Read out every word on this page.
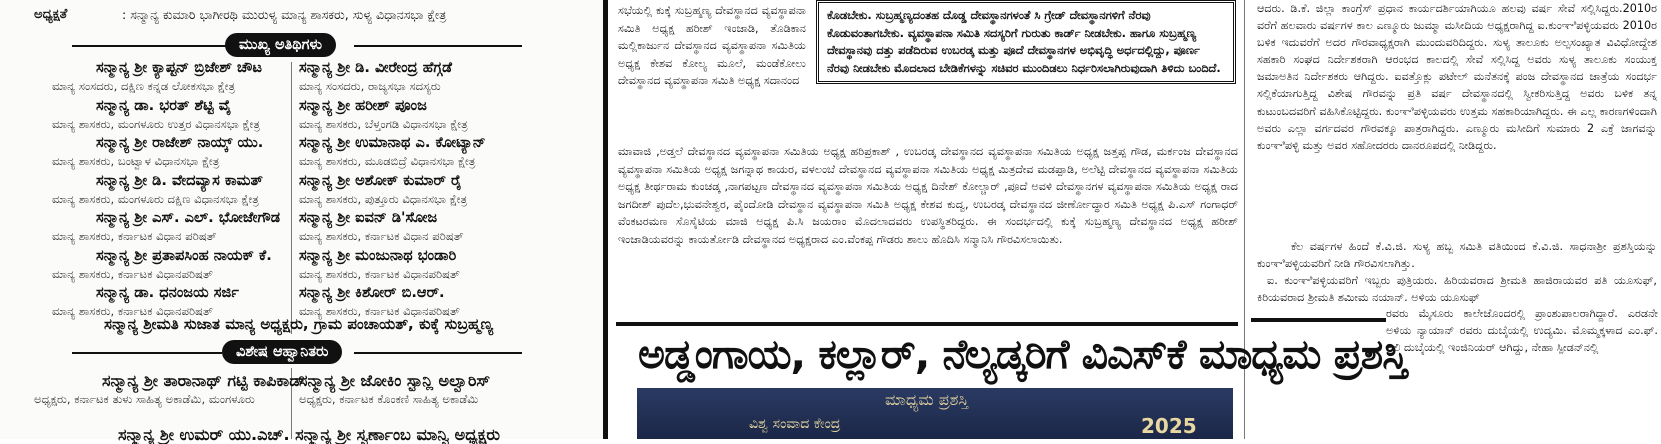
ಅಧ್ಯಕ್ಷತೆ	: ಸನ್ಮಾನ್ಯ ಕುಮಾರಿ ಭಾಗೀರಥಿ ಮುರುಳ್ಯ ಮಾನ್ಯ ಶಾಸಕರು, ಸುಳ್ಯ ವಿಧಾನಸಭಾ ಕ್ಷೇತ್ರ
ಮುಖ್ಯ ಅತಿಥಿಗಳು
ಸನ್ಮಾನ್ಯ ಶ್ರೀ ಕ್ಯಾಪ್ಟನ್ ಬ್ರಿಜೇಶ್ ಚೌಟ
ಮಾನ್ಯ ಸಂಸದರು, ದಕ್ಷಿಣ ಕನ್ನಡ ಲೋಕಸಭಾ ಕ್ಷೇತ್ರ
ಸನ್ಮಾನ್ಯ ಡಾ. ಭರತ್ ಶೆಟ್ಟಿ ವೈ
ಮಾನ್ಯ ಶಾಸಕರು, ಮಂಗಳೂರು ಉತ್ತರ ವಿಧಾನಸಭಾ ಕ್ಷೇತ್ರ
ಸನ್ಮಾನ್ಯ ಶ್ರೀ ರಾಜೇಶ್ ನಾಯ್ಕ್ ಯು.
ಮಾನ್ಯ ಶಾಸಕರು, ಬಂಟ್ವಾಳ ವಿಧಾನಸಭಾ ಕ್ಷೇತ್ರ
ಸನ್ಮಾನ್ಯ ಶ್ರೀ ಡಿ. ವೇದವ್ಯಾಸ ಕಾಮತ್
ಮಾನ್ಯ ಶಾಸಕರು, ಮಂಗಳೂರು ದಕ್ಷಿಣ ವಿಧಾನಸಭಾ ಕ್ಷೇತ್ರ
ಸನ್ಮಾನ್ಯ ಶ್ರೀ ಎಸ್. ಎಲ್. ಭೋಜೇಗೌಡ
ಮಾನ್ಯ ಶಾಸಕರು, ಕರ್ನಾಟಕ ವಿಧಾನ ಪರಿಷತ್
ಸನ್ಮಾನ್ಯ ಶ್ರೀ ಪ್ರತಾಪಸಿಂಹ ನಾಯಕ್ ಕೆ.
ಮಾನ್ಯ ಶಾಸಕರು, ಕರ್ನಾಟಕ ವಿಧಾನಪರಿಷತ್
ಸನ್ಮಾನ್ಯ ಡಾ. ಧನಂಜಯ ಸರ್ಜಿ
ಮಾನ್ಯ ಶಾಸಕರು, ಕರ್ನಾಟಕ ವಿಧಾನಪರಿಷತ್
ಸನ್ಮಾನ್ಯ ಶ್ರೀ ಡಿ. ವೀರೇಂದ್ರ ಹೆಗ್ಗಡೆ
ಮಾನ್ಯ ಸಂಸದರು, ರಾಜ್ಯಸಭಾ ಸದಸ್ಯರು
ಸನ್ಮಾನ್ಯ ಶ್ರೀ ಹರೀಶ್ ಪೂಂಜ
ಮಾನ್ಯ ಶಾಸಕರು, ಬೆಳ್ತಂಗಡಿ ವಿಧಾನಸಭಾ ಕ್ಷೇತ್ರ
ಸನ್ಮಾನ್ಯ ಶ್ರೀ ಉಮಾನಾಥ ಎ. ಕೋಟ್ಯಾನ್
ಮಾನ್ಯ ಶಾಸಕರು, ಮೂಡಬಿದ್ರೆ ವಿಧಾನಸಭಾ ಕ್ಷೇತ್ರ
ಸನ್ಮಾನ್ಯ ಶ್ರೀ ಅಶೋಕ್ ಕುಮಾರ್ ರೈ
ಮಾನ್ಯ ಶಾಸಕರು, ಪುತ್ತೂರು ವಿಧಾನಸಭಾ ಕ್ಷೇತ್ರ
ಸನ್ಮಾನ್ಯ ಶ್ರೀ ಐವನ್ ಡಿ'ಸೋಜ
ಮಾನ್ಯ ಶಾಸಕರು, ಕರ್ನಾಟಕ ವಿಧಾನ ಪರಿಷತ್
ಸನ್ಮಾನ್ಯ ಶ್ರೀ ಮಂಜುನಾಥ ಭಂಡಾರಿ
ಮಾನ್ಯ ಶಾಸಕರು, ಕರ್ನಾಟಕ ವಿಧಾನಪರಿಷತ್
ಸನ್ಮಾನ್ಯ ಶ್ರೀ ಕಿಶೋರ್ ಬಿ.ಆರ್.
ಮಾನ್ಯ ಶಾಸಕರು, ಕರ್ನಾಟಕ ವಿಧಾನಪರಿಷತ್
ಸನ್ಮಾನ್ಯ ಶ್ರೀಮತಿ ಸುಜಾತ ಮಾನ್ಯ ಅಧ್ಯಕ್ಷರು, ಗ್ರಾಮ ಪಂಚಾಯತ್, ಕುಕ್ಕೆ ಸುಬ್ರಹ್ಮಣ್ಯ
ವಿಶೇಷ ಆಹ್ವಾನಿತರು
ಸನ್ಮಾನ್ಯ ಶ್ರೀ ತಾರಾನಾಥ್ ಗಟ್ಟಿ ಕಾಪಿಕಾಡ್
ಅಧ್ಯಕ್ಷರು, ಕರ್ನಾಟಕ ತುಳು ಸಾಹಿತ್ಯ ಅಕಾಡೆಮಿ, ಮಂಗಳೂರು
ಸನ್ಮಾನ್ಯ ಶ್ರೀ ಜೋಕಿಂ ಸ್ಟಾನ್ಲಿ ಅಲ್ವಾರಿಸ್
ಅಧ್ಯಕ್ಷರು, ಕರ್ನಾಟಕ ಕೊಂಕಣಿ ಸಾಹಿತ್ಯ ಅಕಾಡೆಮಿ
ಸನ್ಮಾನ್ಯ ಶ್ರೀ ಉಮರ್ ಯು.ಎಚ್. ಸನ್ಮಾನ್ಯ ಶ್ರೀ ಸ್ವರ್ಣಾಂಬ ಮಾನ್ವಿ ಅಧ್ಯಕ್ಷರು
ಸಭೆಯಲ್ಲಿ ಕುಕ್ಕೆ ಸುಬ್ರಹ್ಮಣ್ಯ ದೇವಸ್ಥಾನದ ವ್ಯವಸ್ಥಾಪನಾ ಸಮಿತಿ ಅಧ್ಯಕ್ಷ ಹರೀಶ್ ಇಂಜಾಡಿ, ತೊಡಿಕಾನ ಮಲ್ಲಿಕಾರ್ಜುನ ದೇವಸ್ಥಾನದ ವ್ಯವಸ್ಥಾಪನಾ ಸಮಿತಿಯ ಅಧ್ಯಕ್ಷ ಕೇಶವ ಕೋಲ್ಯ ಮೂಲೆ, ಮಂಡೆಕೋಲು ದೇವಸ್ಥಾನದ ವ್ಯವಸ್ಥಾಪನಾ ಸಮಿತಿ ಅಧ್ಯಕ್ಷ ಸದಾನಂದ
ಕೊಡಬೇಕು. ಸುಬ್ರಹ್ಮಣ್ಯದಂತಹ ದೊಡ್ಡ ದೇವಸ್ಥಾನಗಳಂತೆ ಸಿ ಗ್ರೇಡ್ ದೇವಸ್ಥಾನಗಳಿಗೆ ನೆರವು ಕೊಡುವಂತಾಗಬೇಕು. ವ್ಯವಸ್ಥಾಪನಾ ಸಮಿತಿ ಸದಸ್ಯರಿಗೆ ಗುರುತು ಕಾರ್ಡ್ ನೀಡಬೇಕು. ಹಾಗೂ ಸುಬ್ರಹ್ಮಣ್ಯ ದೇವಸ್ಥಾನವು ದತ್ತು ಪಡೆದಿರುವ ಉಬರಡ್ಕ ಮತ್ತು ಪೂದೆ ದೇವಸ್ಥಾನಗಳ ಅಭಿವೃದ್ಧಿ ಅರ್ಧದಲ್ಲಿದ್ದು, ಪೂರ್ಣ ನೆರವು ನೀಡಬೇಕು ಮೊದಲಾದ ಬೇಡಿಕೆಗಳನ್ನು ಸಚಿವರ ಮುಂದಿಡಲು ನಿರ್ಧರಿಸಲಾಗಿರುವುದಾಗಿ ತಿಳಿದು ಬಂದಿದೆ.
ಮಾವಾಜಿ ,ಅಡ್ತಲೆ ದೇವಸ್ಥಾನದ ವ್ಯವಸ್ಥಾಪನಾ ಸಮಿತಿಯ ಅಧ್ಯಕ್ಷ ಹರಿಪ್ರಕಾಶ್ , ಉಬರಡ್ಕ ದೇವಸ್ಥಾನದ ವ್ಯವಸ್ಥಾಪನಾ ಸಮಿತಿಯ ಅಧ್ಯಕ್ಷ ಜತ್ತಪ್ಪ ಗೌಡ, ಮರ್ಕಂಜ ದೇವಸ್ಥಾನದ ವ್ಯವಸ್ಥಾಪನಾ ಸಮಿತಿಯ ಅಧ್ಯಕ್ಷ ಜಗನ್ನಾಥ ಕಾಯರ, ವಳಲಂಬೆ ದೇವಸ್ಥಾನದ ವ್ಯವಸ್ಥಾಪನಾ ಸಮಿತಿಯ ಅಧ್ಯಕ್ಷ ಮಿತ್ರದೇವ ಮಡಪ್ಪಾಡಿ, ಅಲೆಟ್ಟಿ ದೇವಸ್ಥಾನದ ವ್ಯವಸ್ಥಾಪನಾ ಸಮಿತಿಯ ಅಧ್ಯಕ್ಷ ತೀರ್ಥರಾಮ ಕುಂಚಡ್ಕ ,ನಾಗಪಟ್ಟಣ ದೇವಸ್ಥಾನದ ವ್ಯವಸ್ಥಾಪನಾ ಸಮಿತಿಯ ಅಧ್ಯಕ್ಷ ದಿನೇಶ್ ಕೋಲ್ಚಾರ್ ,ಪೂದೆ ಅವಳಿ ದೇವಸ್ಥಾನಗಳ ವ್ಯವಸ್ಥಾಪನಾ ಸಮಿತಿಯ ಅಧ್ಯಕ್ಷ ರಾದ ಜಗದೀಶ್ ಪುದೆಲ,ಭುವನೇಶ್ವರ, ಪೈಂದೋಡಿ ದೇವಸ್ಥಾನ ವ್ಯವಸ್ಥಾಪನಾ ಸಮಿತಿ ಅಧ್ಯಕ್ಷ ಕೇಶವ ಕುದ್ವ, ಉಬರಡ್ಕ ದೇವಸ್ಥಾನದ ಜೀರ್ಣೋದ್ಧಾರ ಸಮಿತಿ ಅಧ್ಯಕ್ಷ ಪಿ.ಎಸ್ ಗಂಗಾಧರ್ ವೆಂಕಟರಮಣ ಸೊಸೈಟಿಯ ಮಾಜಿ ಅಧ್ಯಕ್ಷ ಪಿ.ಸಿ ಜಯರಾಂ ಮೊದಲಾದವರು ಉಪಸ್ಥಿತರಿದ್ದರು. ಈ ಸಂದರ್ಭದಲ್ಲಿ ಕುಕ್ಕೆ ಸುಬ್ರಹ್ಮಣ್ಯ ದೇವಸ್ಥಾನದ ಅಧ್ಯಕ್ಷ ಹರೀಶ್ ಇಂಜಾಡಿಯವರನ್ನು ಕಾಯರ್ತೋಡಿ ದೇವಸ್ಥಾನದ ಅಧ್ಯಕ್ಷರಾದ ಎಂ.ವೆಂಕಪ್ಪ ಗೌಡರು ಶಾಲು ಹೊದಿಸಿ ಸನ್ಮಾನಿಸಿ ಗೌರವಿಸಲಾಯಿತು.
ಅಡ್ಡಂಗಾಯ, ಕಲ್ಲಾರ್, ನೆಲ್ಯಡ್ಕರಿಗೆ ವಿಎಸ್‌ಕೆ ಮಾಧ್ಯಮ ಪ್ರಶಸ್ತಿ
ಮಾಧ್ಯಮ ಪ್ರಶಸ್ತಿ
ವಿಶ್ವ ಸಂವಾದ ಕೇಂದ್ರ	2025
ಆದರು. ಡಿ.ಕೆ. ಜಿಲ್ಲಾ ಕಾಂಗ್ರೆಸ್ ಪ್ರಧಾನ ಕಾರ್ಯದರ್ಶಿಯಾಗಿಯೂ ಹಲವು ವರ್ಷ ಸೇವೆ ಸಲ್ಲಿಸಿದ್ದರು.2010ರ ವರೆಗೆ ಹಲವಾರು ವರ್ಷಗಳ ಕಾಲ ಎಣ್ಮೂರು ಜುಮ್ಮಾ ಮಸೀದಿಯ ಅಧ್ಯಕ್ಷರಾಗಿದ್ದ ಐ.ಕುಂಞಿಪಳ್ಳಿಯವರು 2010ರ ಬಳಿಕ ಇದುವರೆಗೆ ಅದರ ಗೌರವಾಧ್ಯಕ್ಷರಾಗಿ ಮುಂದುವರಿದಿದ್ದರು. ಸುಳ್ಯ ತಾಲೂಕು ಅಲ್ಪಸಂಖ್ಯಾತ ವಿವಿಧೋದ್ದೇಶ ಸಹಕಾರಿ ಸಂಘದ ನಿರ್ದೇಶಕರಾಗಿ ಆರಂಭದ ಕಾಲದಲ್ಲಿ ಸೇವೆ ಸಲ್ಲಿಸಿದ್ದ ಅವರು ಸುಳ್ಯ ತಾಲೂಕು ಸಂಯುಕ್ತ ಜಮಾಅತಿನ ನಿರ್ದೇಶಕರು ಆಗಿದ್ದರು. ಐವತ್ತೊಕ್ಲು ಪಟೇಲ್ ಮನೆತನಕ್ಕೆ ಪಂಜ ದೇವಸ್ಥಾನದ ಜಾತ್ರೆಯ ಸಂದರ್ಭ ಸಲ್ಲಿಕೆಯಾಗುತ್ತಿದ್ದ ವಿಶೇಷ ಗೌರವನ್ನು ಪ್ರತಿ ವರ್ಷ ದೇವಸ್ಥಾನದಲ್ಲಿ ಸ್ವೀಕರಿಸುತ್ತಿದ್ದ ಅವರು ಬಳಿಕ ತನ್ನ ಕುಟುಂಬದವರಿಗೆ ವಹಿಸಿಕೊಟ್ಟಿದ್ದರು. ಕುಂಞಿಪಳ್ಳಿಯವರು ಉತ್ತಮ ಸಹಕಾರಿಯಾಗಿದ್ದರು. ಈ ಎಲ್ಲ ಕಾರಣಗಳಿಂದಾಗಿ ಅವರು ಎಲ್ಲಾ ವರ್ಗದವರ ಗೌರವಕ್ಕೂ ಪಾತ್ರರಾಗಿದ್ದರು. ಎಣ್ಮೂರು ಮಸೀದಿಗೆ ಸುಮಾರು 2 ಎಕ್ರೆ ಜಾಗವನ್ನು ಕುಂಞಿಪಳ್ಳಿ ಮತ್ತು ಅವರ ಸಹೋದರರು ದಾನರೂಪದಲ್ಲಿ ನೀಡಿದ್ದರು.
ಕೆಲ ವರ್ಷಗಳ ಹಿಂದೆ ಕೆ.ವಿ.ಜಿ. ಸುಳ್ಯ ಹಬ್ಬ ಸಮಿತಿ ವತಿಯಿಂದ ಕೆ.ವಿ.ಜಿ. ಸಾಧನಾಶ್ರೀ ಪ್ರಶಸ್ತಿಯನ್ನು ಕುಂಞಿಪಳ್ಳಿಯವರಿಗೆ ನೀಡಿ ಗೌರವಿಸಲಾಗಿತ್ತು.
ಐ. ಕುಂಞಿಪಳ್ಳಿಯವರಿಗೆ ಇಬ್ಬರು ಪುತ್ರಿಯರು. ಹಿರಿಯವರಾದ ಶ್ರೀಮತಿ ಹಾಜಿರಾಯವರ ಪತಿ ಯೂಸುಫ್, ಕಿರಿಯವರಾದ ಶ್ರೀಮತಿ ಶಮೀಮ ನಯಾನ್. ಅಳಿಯ ಯೂಸುಫ್
ರವರು ಮೈಸೂರು ಕಾಲೇಜೊಂದರಲ್ಲಿ ಪ್ರಾಂಶುಪಾಲರಾಗಿದ್ದಾರೆ. ಎರಡನೇ ಅಳಿಯ ನ್ಯಾಯಾನ್ ರವರು ದುಬೈಯಲ್ಲಿ ಉದ್ಯಮಿ. ಮೊಮ್ಮಕ್ಕಳಾದ ಎಂ.ಫ್. ಅಲಿ ದುಬೈಯಲ್ಲಿ ಇಂಜಿನಿಯರ್ ಆಗಿದ್ದು, ನೇಹಾ ಸ್ಪೀಡನ್‌ನಲ್ಲಿ
